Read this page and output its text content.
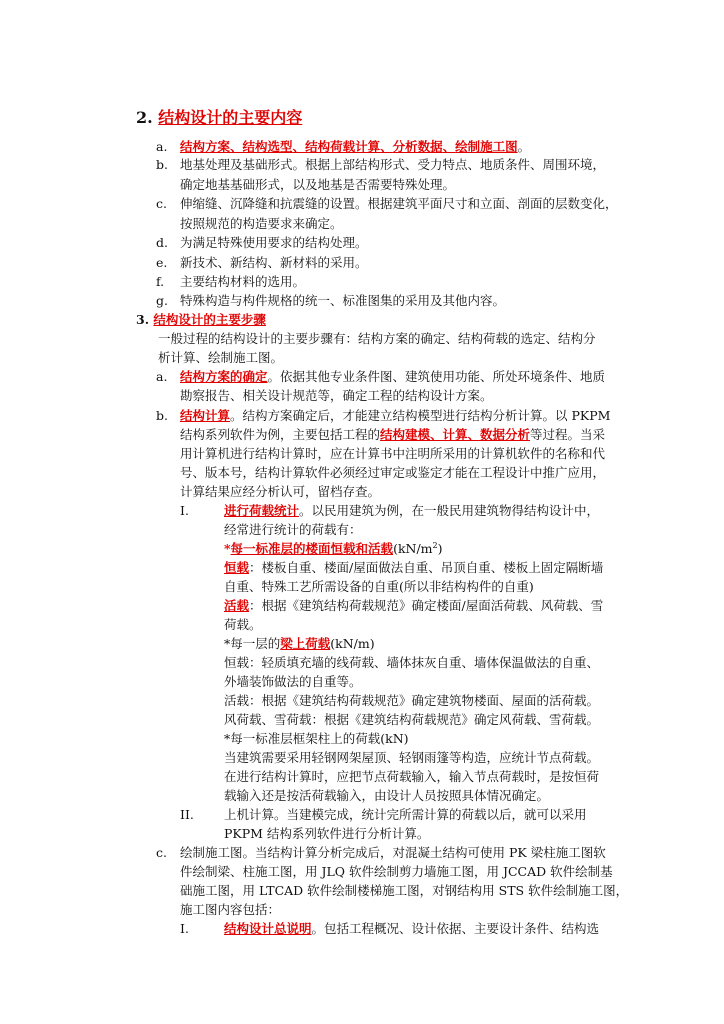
2. 结构设计的主要内容
a. 结构方案、结构选型、结构荷载计算、分析数据、绘制施工图。
b. 地基处理及基础形式。根据上部结构形式、受力特点、地质条件、周围环境，
确定地基基础形式，以及地基是否需要特殊处理。
c. 伸缩缝、沉降缝和抗震缝的设置。根据建筑平面尺寸和立面、剖面的层数变化，
按照规范的构造要求来确定。
d. 为满足特殊使用要求的结构处理。
e. 新技术、新结构、新材料的采用。
f. 主要结构材料的选用。
g. 特殊构造与构件规格的统一、标准图集的采用及其他内容。
3. 结构设计的主要步骤
一般过程的结构设计的主要步骤有：结构方案的确定、结构荷载的选定、结构分
析计算、绘制施工图。
a. 结构方案的确定。依据其他专业条件图、建筑使用功能、所处环境条件、地质
勘察报告、相关设计规范等，确定工程的结构设计方案。
b. 结构计算。结构方案确定后，才能建立结构模型进行结构分析计算。以 PKPM
结构系列软件为例，主要包括工程的结构建模、计算、数据分析等过程。当采
用计算机进行结构计算时，应在计算书中注明所采用的计算机软件的名称和代
号、版本号，结构计算软件必须经过审定或鉴定才能在工程设计中推广应用，
计算结果应经分析认可，留档存查。
I.	进行荷载统计。以民用建筑为例，在一般民用建筑物得结构设计中，
经常进行统计的荷载有：
*每一标准层的楼面恒载和活载$(kN/m^2)$
恒载：楼板自重、楼面/屋面做法自重、吊顶自重、楼板上固定隔断墙
自重、特殊工艺所需设备的自重(所以非结构构件的自重)
活载：根据《建筑结构荷载规范》确定楼面/屋面活荷载、风荷载、雪
荷载。
*每一层的梁上荷载(kN/m)
恒载：轻质填充墙的线荷载、墙体抹灰自重、墙体保温做法的自重、
外墙装饰做法的自重等。
活载：根据《建筑结构荷载规范》确定建筑物楼面、屋面的活荷载。
风荷载、雪荷载：根据《建筑结构荷载规范》确定风荷载、雪荷载。
*每一标准层框架柱上的荷载(kN)
当建筑需要采用轻钢网架屋顶、轻钢雨篷等构造，应统计节点荷载。
在进行结构计算时，应把节点荷载输入，输入节点荷载时，是按恒荷
载输入还是按活荷载输入，由设计人员按照具体情况确定。
II. 上机计算。当建模完成，统计完所需计算的荷载以后，就可以采用
PKPM 结构系列软件进行分析计算。
c. 绘制施工图。当结构计算分析完成后，对混凝土结构可使用 PK 梁柱施工图软
件绘制梁、柱施工图，用 JLQ 软件绘制剪力墙施工图，用 JCCAD 软件绘制基
础施工图，用 LTCAD 软件绘制楼梯施工图，对钢结构用 STS 软件绘制施工图，
施工图内容包括：
I.	结构设计总说明。包括工程概况、设计依据、主要设计条件、结构选
